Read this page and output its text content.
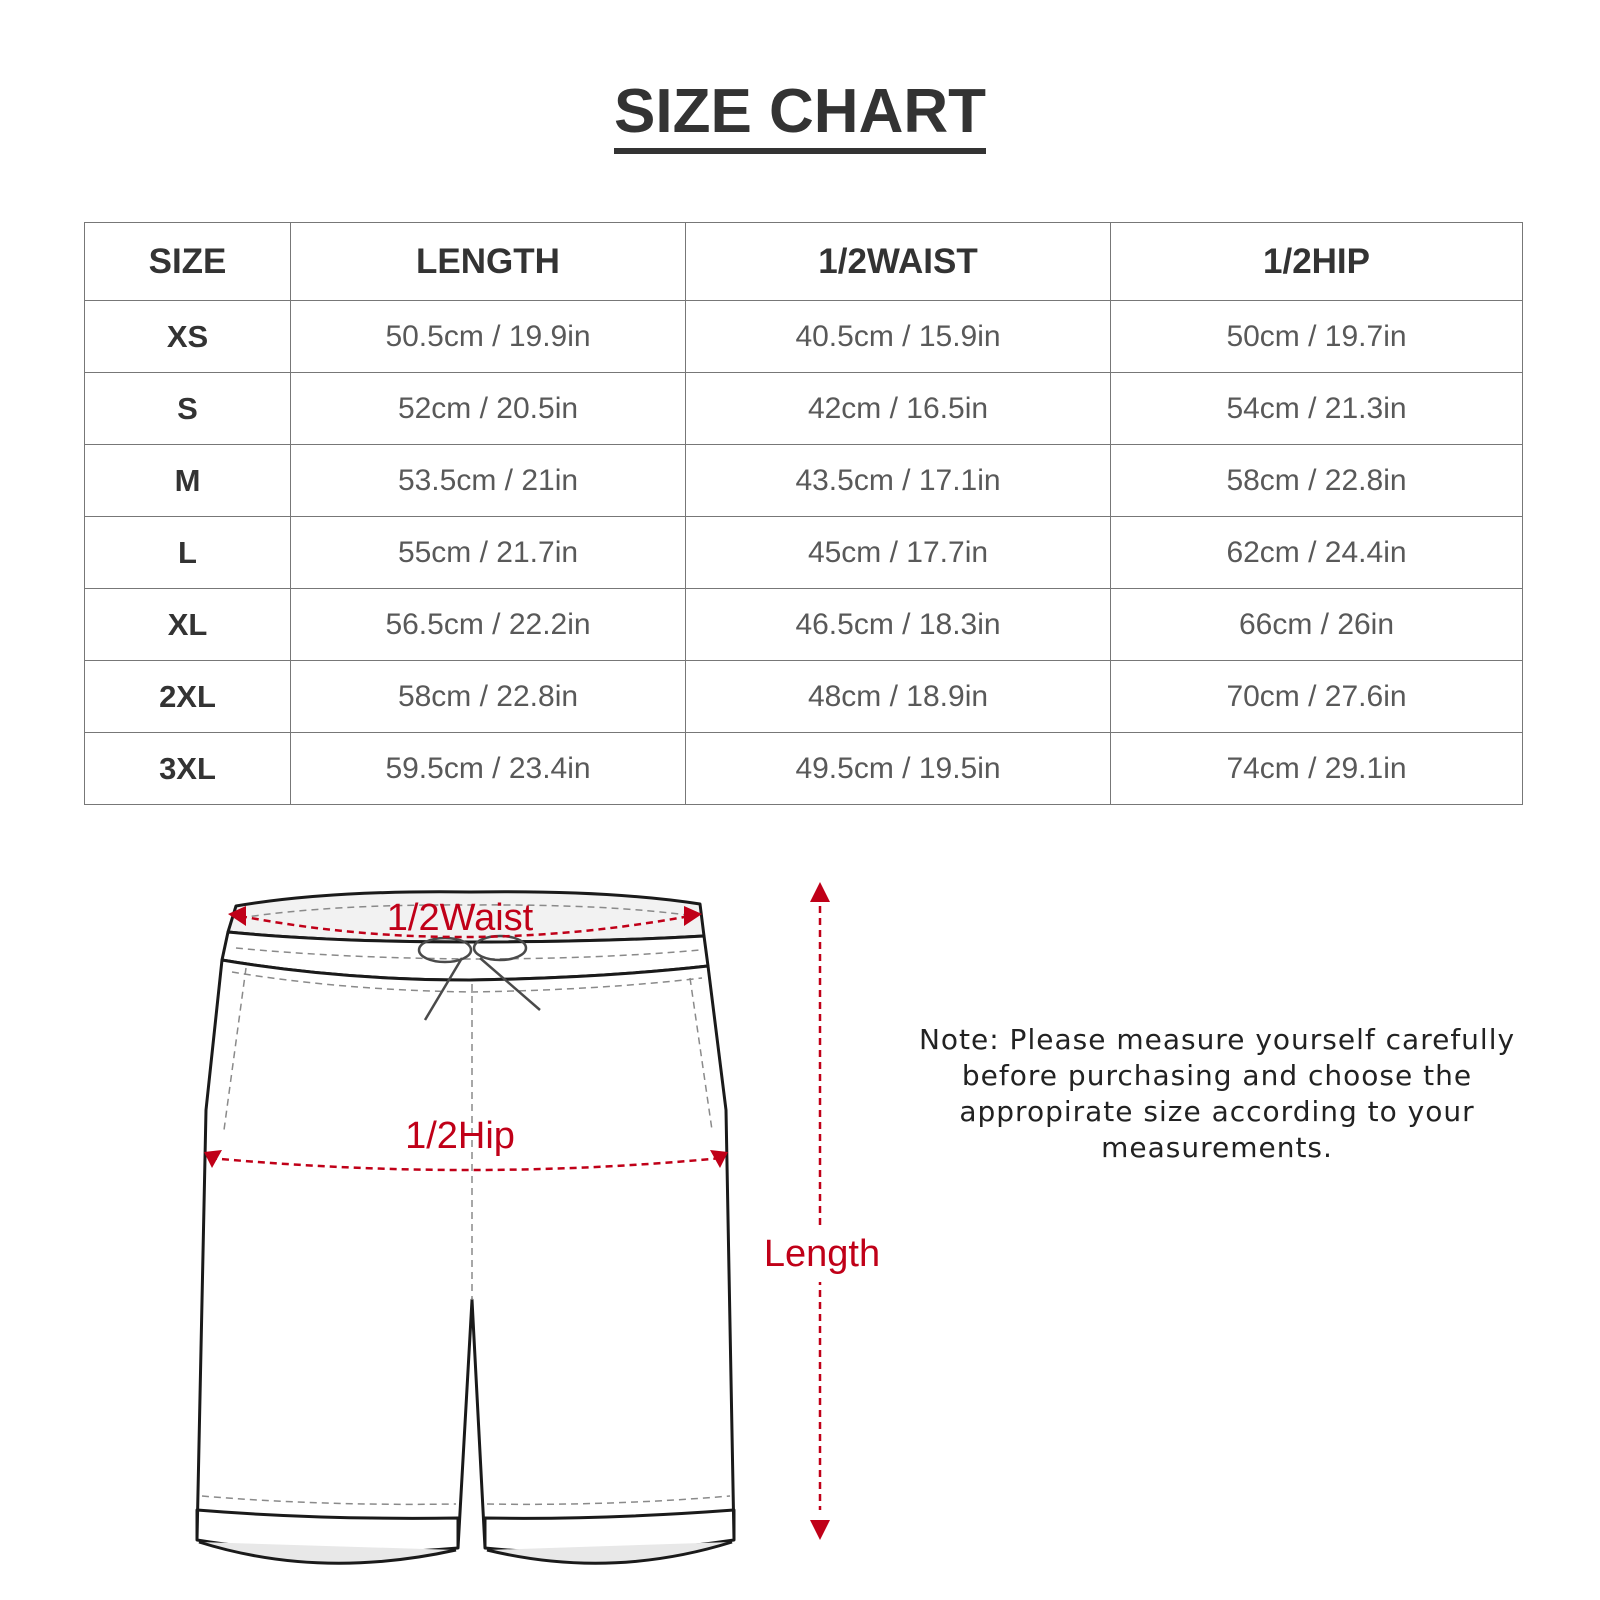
SIZE CHART
SIZE	LENGTH	1/2WAIST	1/2HIP
XS	50.5cm / 19.9in	40.5cm / 15.9in	50cm / 19.7in
S	52cm / 20.5in	42cm / 16.5in	54cm / 21.3in
M	53.5cm / 21in	43.5cm / 17.1in	58cm / 22.8in
L	55cm / 21.7in	45cm / 17.7in	62cm / 24.4in
XL	56.5cm / 22.2in	46.5cm / 18.3in	66cm / 26in
2XL	58cm / 22.8in	48cm / 18.9in	70cm / 27.6in
3XL	59.5cm / 23.4in	49.5cm / 19.5in	74cm / 29.1in
1/2Waist
1/2Hip
Length

Note: Please measure yourself carefully before purchasing and choose the appropirate size according to your measurements.
